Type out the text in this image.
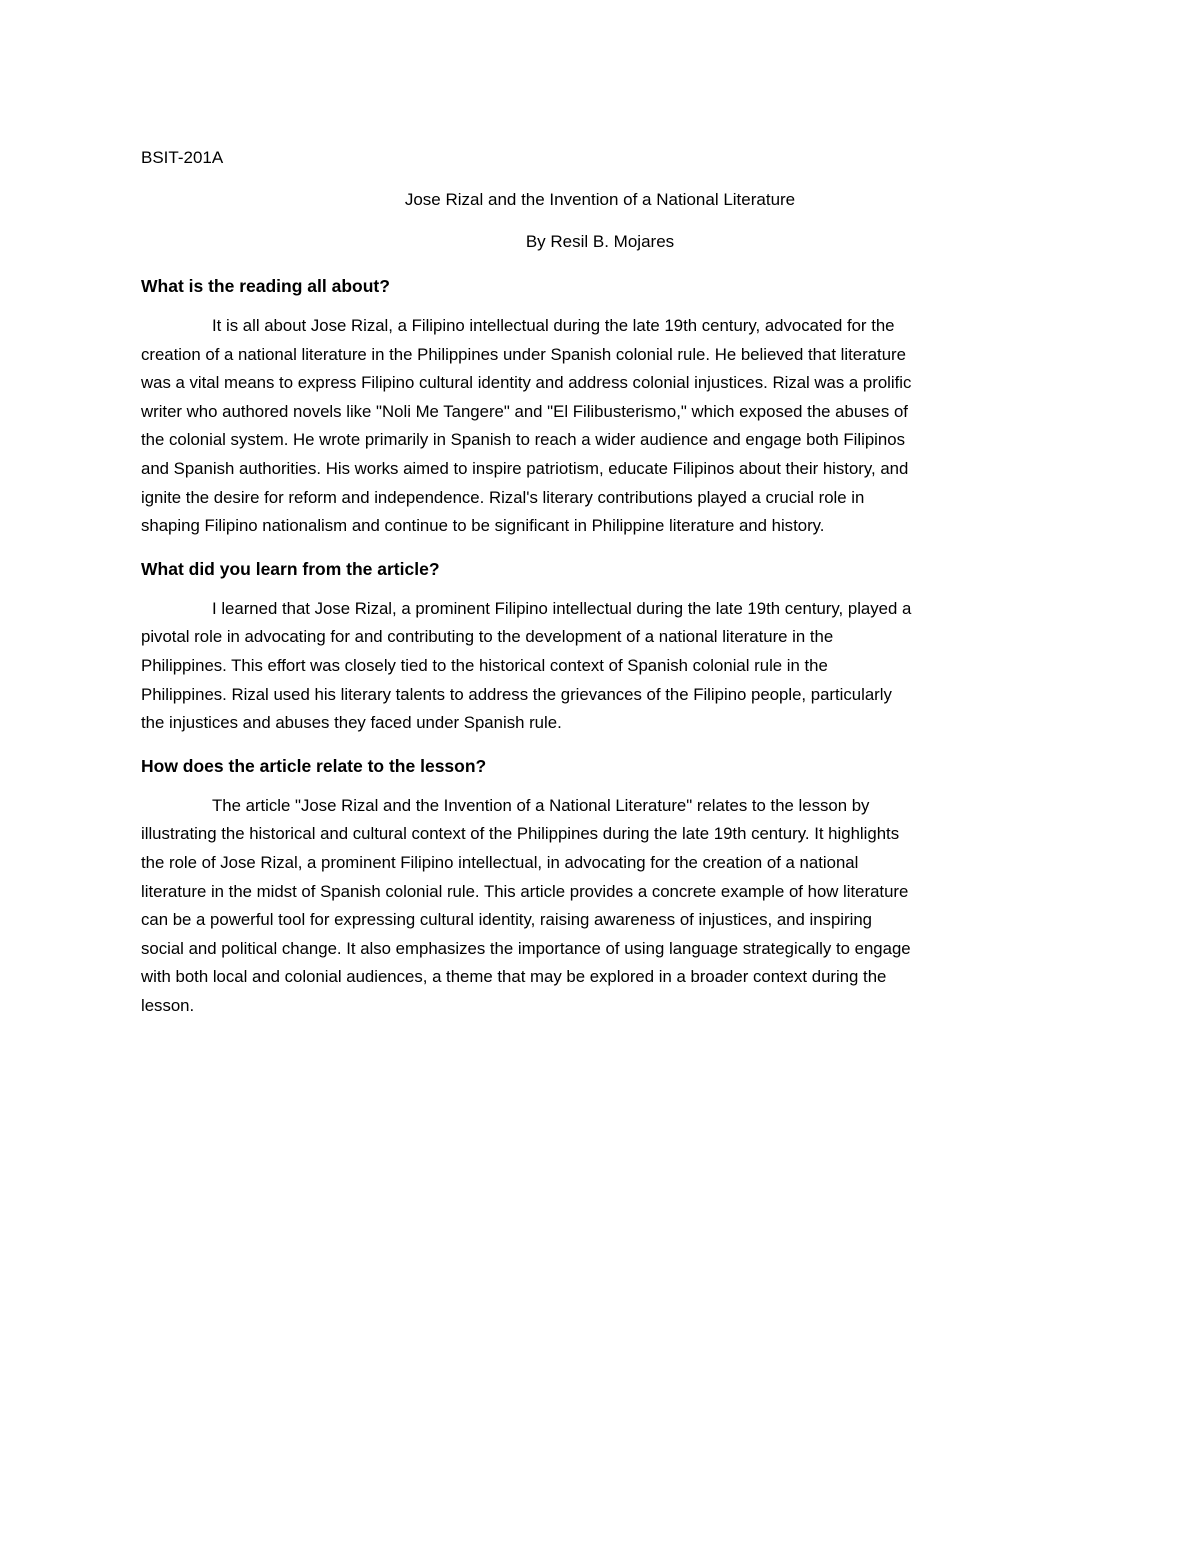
BSIT-201A

Jose Rizal and the Invention of a National Literature

By Resil B. Mojares

What is the reading all about?
It is all about Jose Rizal, a Filipino intellectual during the late 19th century, advocated for the
creation of a national literature in the Philippines under Spanish colonial rule. He believed that literature
was a vital means to express Filipino cultural identity and address colonial injustices. Rizal was a prolific
writer who authored novels like "Noli Me Tangere" and "El Filibusterismo," which exposed the abuses of
the colonial system. He wrote primarily in Spanish to reach a wider audience and engage both Filipinos
and Spanish authorities. His works aimed to inspire patriotism, educate Filipinos about their history, and
ignite the desire for reform and independence. Rizal's literary contributions played a crucial role in
shaping Filipino nationalism and continue to be significant in Philippine literature and history.
What did you learn from the article?
I learned that Jose Rizal, a prominent Filipino intellectual during the late 19th century, played a
pivotal role in advocating for and contributing to the development of a national literature in the
Philippines. This effort was closely tied to the historical context of Spanish colonial rule in the
Philippines. Rizal used his literary talents to address the grievances of the Filipino people, particularly
the injustices and abuses they faced under Spanish rule.
How does the article relate to the lesson?
The article "Jose Rizal and the Invention of a National Literature" relates to the lesson by
illustrating the historical and cultural context of the Philippines during the late 19th century. It highlights
the role of Jose Rizal, a prominent Filipino intellectual, in advocating for the creation of a national
literature in the midst of Spanish colonial rule. This article provides a concrete example of how literature
can be a powerful tool for expressing cultural identity, raising awareness of injustices, and inspiring
social and political change. It also emphasizes the importance of using language strategically to engage
with both local and colonial audiences, a theme that may be explored in a broader context during the
lesson.
